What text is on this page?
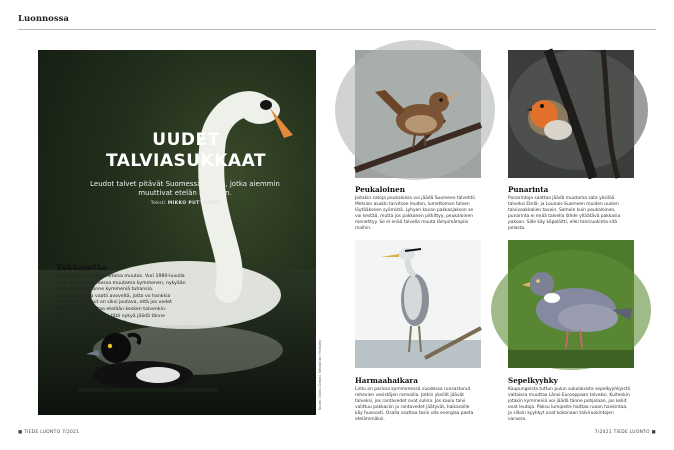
Luonnossa
UUDET
TALVIASUKKAAT
Leudot talvet pitävät Suomessa lintuja, jotka aiemmin muuttivat etelän lämpöön.
Teksti MIKKO PUTTONEN
Tukkasotka

Tukkasotkista näkyy valtaisa muutos. Vuri 1980-luvulla niitä talvehti Suomessa muutama kymmenen, nykyään niitä voi jäädä tänne kymmeniä tuhansia. Suketkapasoraa vaatii avoveltä, jotta vo hankkia ravintonsa. Linnut on siksi joutava, että jos vedet jäätyvät, se muuttaa etelään kesken talvenkin. Vesilinnuista alkkin voi tätä nykyä jäädä tänne talvehtimaan suossa parvissa.

Kuvat: Dibbs Grabsi, Sebastian Hindsley
Peukaloinen

Joitakin satoja peukaloisia voi jäädä Suomeen talvehtii. Metsien asukki tarvitsee leudon, lumettoman talven löytääkseen syömistä. Lyhyen kovan pakkasjakson se voi kestää, mutta jos pakkanen pitkittyy, peukaloinen menehtyy. Se ei enää talvella muuta lämpimämpiin maihin.

Punarinta

Punarintoja saattaa jäädä muutama sata yksilöä talveksi Etelä- ja Lounais-Suomeen muiden uusien talvivaakkalien tavoin. Samoin kuin peukaloinen, punarinta ei enää talvella lähde ylläätävä pakkasia pakoon. Sille käy köpelöitti, ellei talviruokinta sitä pelasta.

Harmaahaikara

Lintu on parissa kymmenessä vuodessa runsastunut rehevien vesistöjen rannoilla. Jotkin yksilöt jäävät talveksi, jos rantavedet ovat sulina. Jos kaulu talvi valittuu pakkasiin ja rantavedet jäätyvät, haikaroille käy huonosti. Osalla saattaa tosin olla energiaa paeta etelämmäksi.

Sepelkyyhky

Kaupungeista tuttun pulun sukulaisista sepelkyyhkyistä valtaissa muuttaa Länsi-Eurooppaan talveksi. Kuitenkin jotakin kymmeniä voi jäädä tänne pohjolaan, jos keliit ovat leutoja. Paksu lumipeite haittaa ruoan hankintaa, ja silloin kyyhkyt ovat kokonaan talviruokintojen varassa.

■ TIEDE LUONTO 7/2021	7/2021 TIEDE LUONTO ■
